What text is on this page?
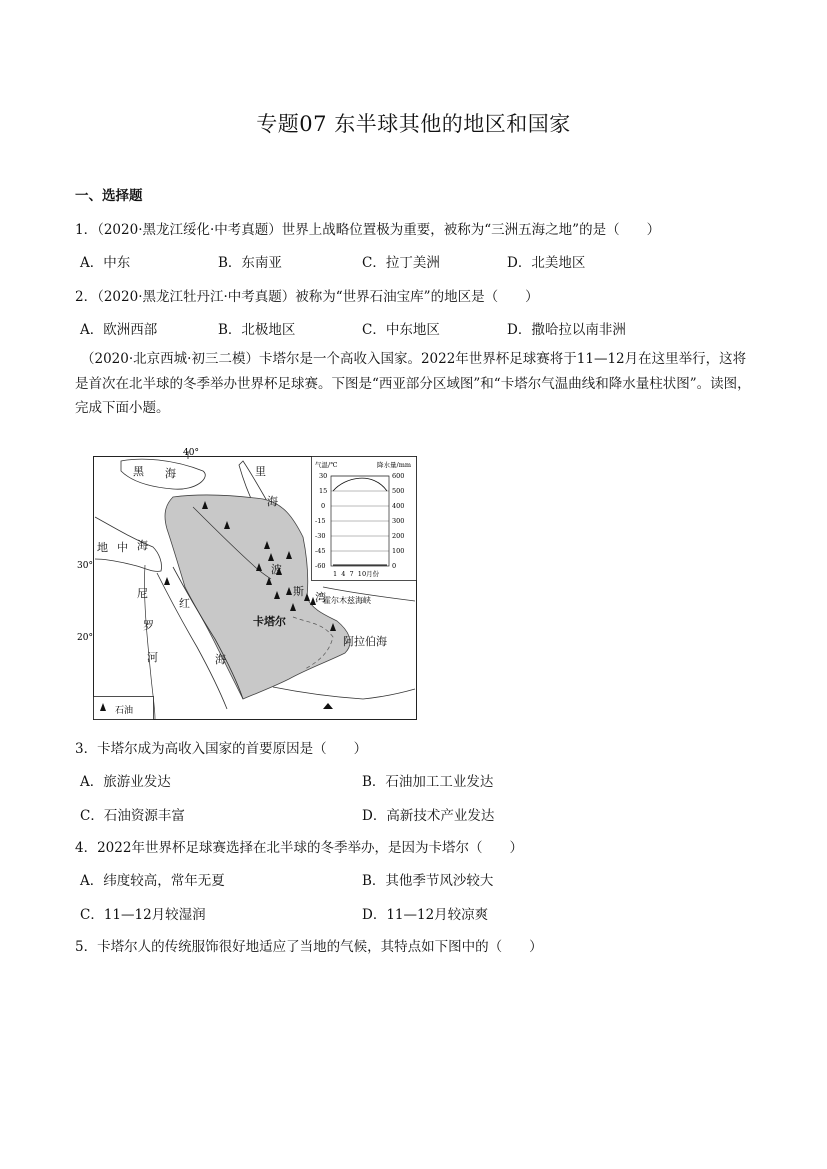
专题07 东半球其他的地区和国家
一、选择题
1．（2020·黑龙江绥化·中考真题）世界上战略位置极为重要，被称为“三洲五海之地”的是（　　）
A．中东	B．东南亚	C．拉丁美洲	D．北美地区
2．（2020·黑龙江牡丹江·中考真题）被称为“世界石油宝库”的地区是（　　）
A．欧洲西部	B．北极地区	C．中东地区	D．撒哈拉以南非洲
（2020·北京西城·初三二模）卡塔尔是一个高收入国家。2022年世界杯足球赛将于11—12月在这里举行，这将是首次在北半球的冬季举办世界杯足球赛。下图是“西亚部分区域图”和“卡塔尔气温曲线和降水量柱状图”。读图，完成下面小题。
40°
30°
20°
黑 海	里
海
地 中 海
尼
罗
河
红
海
波
斯 湾
卡塔尔
阿拉伯海
霍尔木兹海峡
石油
气温/℃	降水量/mm
30
15
0
-15
-30
-45
-60
600
500
400
300
200
100
0
1  4  7  10月份
3．卡塔尔成为高收入国家的首要原因是（　　）
A．旅游业发达	B．石油加工工业发达
C．石油资源丰富	D．高新技术产业发达
4．2022年世界杯足球赛选择在北半球的冬季举办，是因为卡塔尔（　　）
A．纬度较高，常年无夏	B．其他季节风沙较大
C．11—12月较湿润	D．11—12月较凉爽
5．卡塔尔人的传统服饰很好地适应了当地的气候，其特点如下图中的（　　）
